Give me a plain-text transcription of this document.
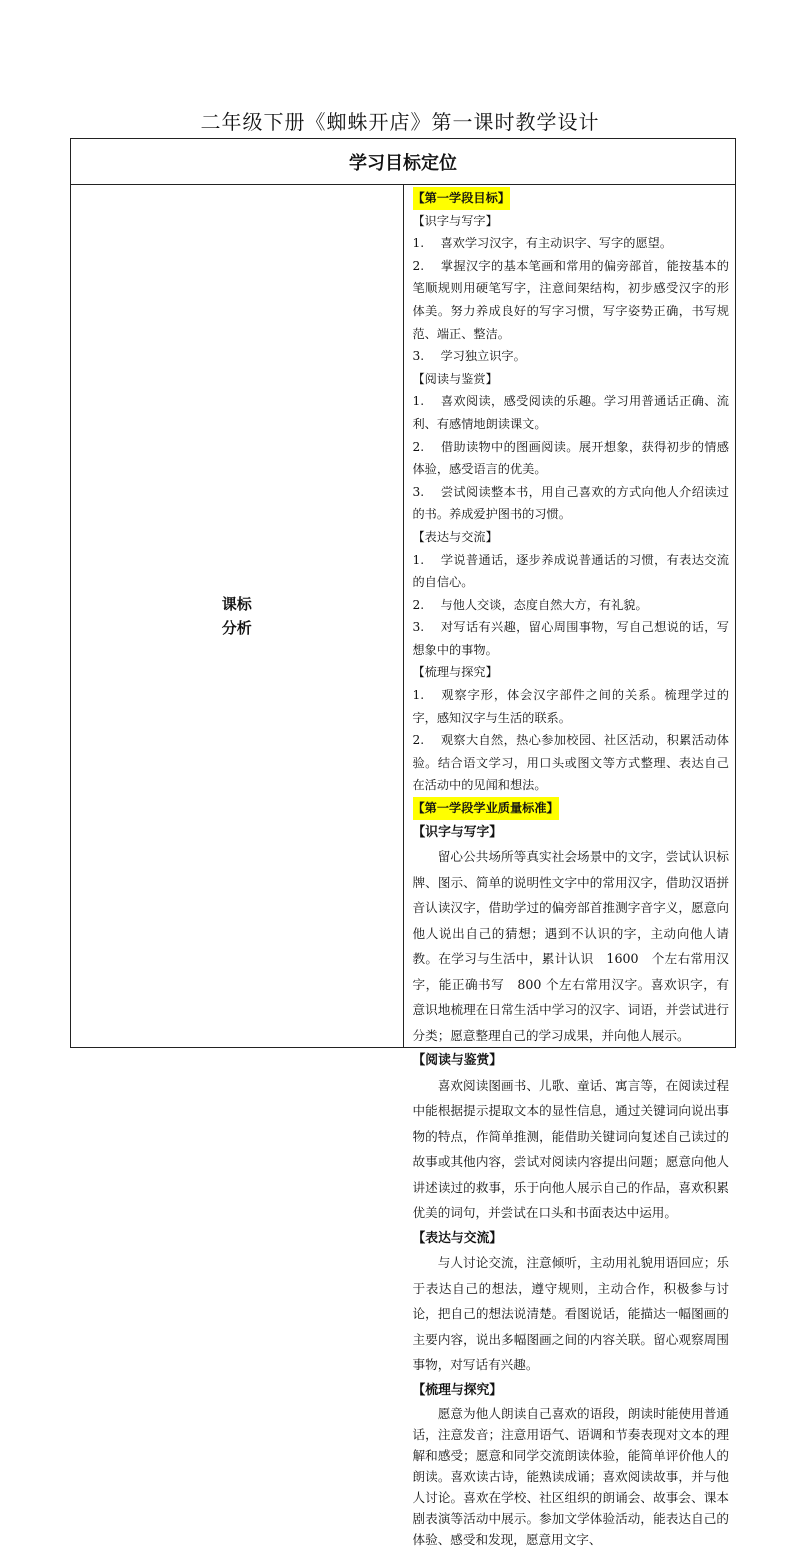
二年级下册《蜘蛛开店》第一课时教学设计
学习目标定位

课标
分析

【第一学段目标】
【识字与写字】
1. 喜欢学习汉字，有主动识字、写字的愿望。
2. 掌握汉字的基本笔画和常用的偏旁部首，能按基本的笔顺规则用硬笔写字，注意间架结构，初步感受汉字的形体美。努力养成良好的写字习惯，写字姿势正确，书写规范、端正、整洁。
3. 学习独立识字。
【阅读与鉴赏】
1. 喜欢阅读，感受阅读的乐趣。学习用普通话正确、流利、有感情地朗读课文。
2. 借助读物中的图画阅读。展开想象，获得初步的情感体验，感受语言的优美。
3. 尝试阅读整本书，用自己喜欢的方式向他人介绍读过的书。养成爱护图书的习惯。
【表达与交流】
1. 学说普通话，逐步养成说普通话的习惯，有表达交流的自信心。
2. 与他人交谈，态度自然大方，有礼貌。
3. 对写话有兴趣，留心周围事物，写自己想说的话，写想象中的事物。
【梳理与探究】
1. 观察字形，体会汉字部件之间的关系。梳理学过的字，感知汉字与生活的联系。
2. 观察大自然，热心参加校园、社区活动，积累活动体验。结合语文学习，用口头或图文等方式整理、表达自己在活动中的见闻和想法。
【第一学段学业质量标准】
【识字与写字】
留心公共场所等真实社会场景中的文字，尝试认识标牌、图示、简单的说明性文字中的常用汉字，借助汉语拼音认读汉字，借助学过的偏旁部首推测字音字义，愿意向他人说出自己的猜想；遇到不认识的字，主动向他人请教。在学习与生活中，累计认识　1600　个左右常用汉字，能正确书写　800 个左右常用汉字。喜欢识字，有意识地梳理在日常生活中学习的汉字、词语，并尝试进行分类；愿意整理自己的学习成果，并向他人展示。
【阅读与鉴赏】
喜欢阅读图画书、儿歌、童话、寓言等，在阅读过程中能根据提示提取文本的显性信息，通过关键词向说出事物的特点，作简单推测，能借助关键词向复述自己读过的故事或其他内容，尝试对阅读内容提出问题；愿意向他人讲述读过的救事，乐于向他人展示自己的作品，喜欢积累优美的词句，并尝试在口头和书面表达中运用。
【表达与交流】
与人讨论交流，注意倾听，主动用礼貌用语回应；乐于表达自己的想法，遵守规则，主动合作，积极参与讨论，把自己的想法说清楚。看图说话，能描达一幅图画的主要内容，说出多幅图画之间的内容关联。留心观察周围事物，对写话有兴趣。
【梳理与探究】
愿意为他人朗读自己喜欢的语段，朗读时能使用普通话，注意发音；注意用语气、语调和节奏表现对文本的理解和感受；愿意和同学交流朗读体验，能简单评价他人的朗读。喜欢读古诗，能熟读成诵；喜欢阅读故事，并与他人讨论。喜欢在学校、社区组织的朗诵会、故事会、课本剧表演等活动中展示。参加文学体验活动，能表达自己的体验、感受和发现，愿意用文字、
